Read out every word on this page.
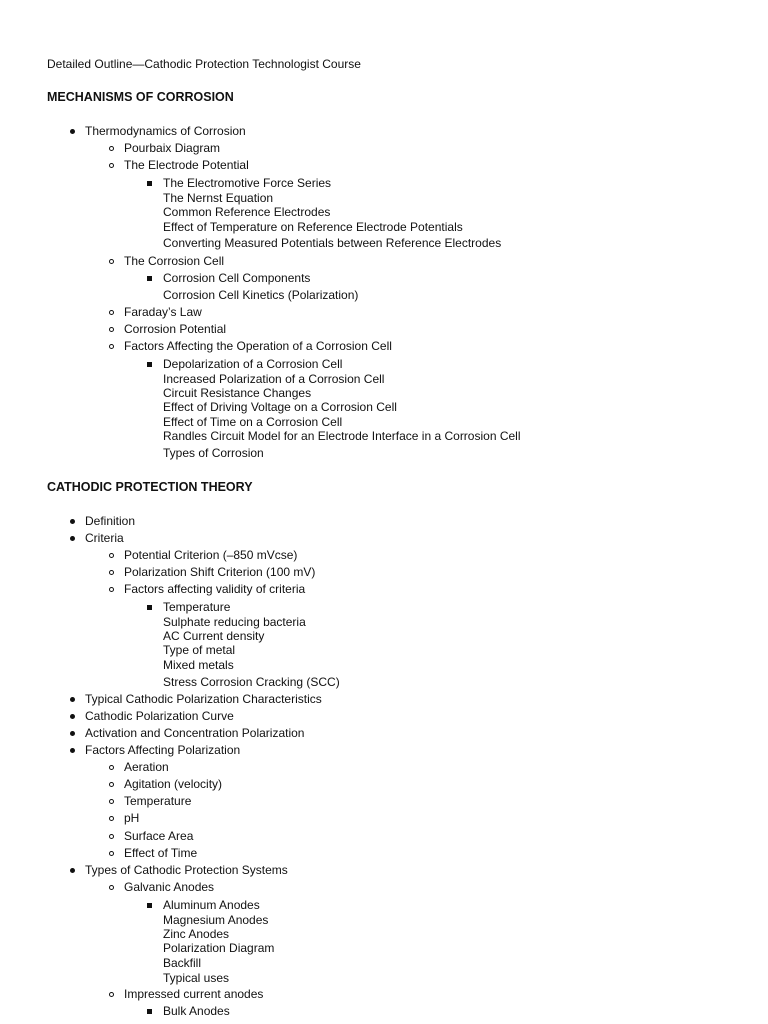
Detailed Outline—Cathodic Protection Technologist Course
MECHANISMS OF CORROSION
Thermodynamics of Corrosion
Pourbaix Diagram
The Electrode Potential
The Electromotive Force Series
The Nernst Equation
Common Reference Electrodes
Effect of Temperature on Reference Electrode Potentials
Converting Measured Potentials between Reference Electrodes
The Corrosion Cell
Corrosion Cell Components
Corrosion Cell Kinetics (Polarization)
Faraday’s Law
Corrosion Potential
Factors Affecting the Operation of a Corrosion Cell
Depolarization of a Corrosion Cell
Increased Polarization of a Corrosion Cell
Circuit Resistance Changes
Effect of Driving Voltage on a Corrosion Cell
Effect of Time on a Corrosion Cell
Randles Circuit Model for an Electrode Interface in a Corrosion Cell
Types of Corrosion
CATHODIC PROTECTION THEORY
Definition
Criteria
Potential Criterion (–850 mVcse)
Polarization Shift Criterion (100 mV)
Factors affecting validity of criteria
Temperature
Sulphate reducing bacteria
AC Current density
Type of metal
Mixed metals
Stress Corrosion Cracking (SCC)
Typical Cathodic Polarization Characteristics
Cathodic Polarization Curve
Activation and Concentration Polarization
Factors Affecting Polarization
Aeration
Agitation (velocity)
Temperature
pH
Surface Area
Effect of Time
Types of Cathodic Protection Systems
Galvanic Anodes
Aluminum Anodes
Magnesium Anodes
Zinc Anodes
Polarization Diagram
Backfill
Typical uses
Impressed current anodes
Bulk Anodes
